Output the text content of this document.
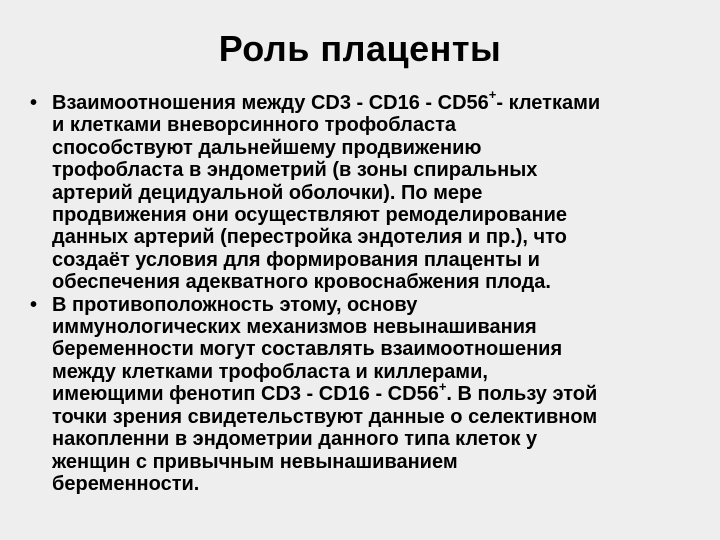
Роль плаценты
• Взаимоотношения между CD3 - CD16 - CD56+- клетками
и клетками вневорсинного трофобласта
способствуют дальнейшему продвижению
трофобласта в эндометрий (в зоны спиральных
артерий децидуальной оболочки). По мере
продвижения они осуществляют ремоделирование
данных артерий (перестройка эндотелия и пр.), что
создаёт условия для формирования плаценты и
обеспечения адекватного кровоснабжения плода.
• В противоположность этому, основу
иммунологических механизмов невынашивания
беременности могут составлять взаимоотношения
между клетками трофобласта и киллерами,
имеющими фенотип CD3 - CD16 - CD56+. В пользу этой
точки зрения свидетельствуют данные о селективном
накопленни в эндометрии данного типа клеток у
женщин с привычным невынашиванием
беременности.
